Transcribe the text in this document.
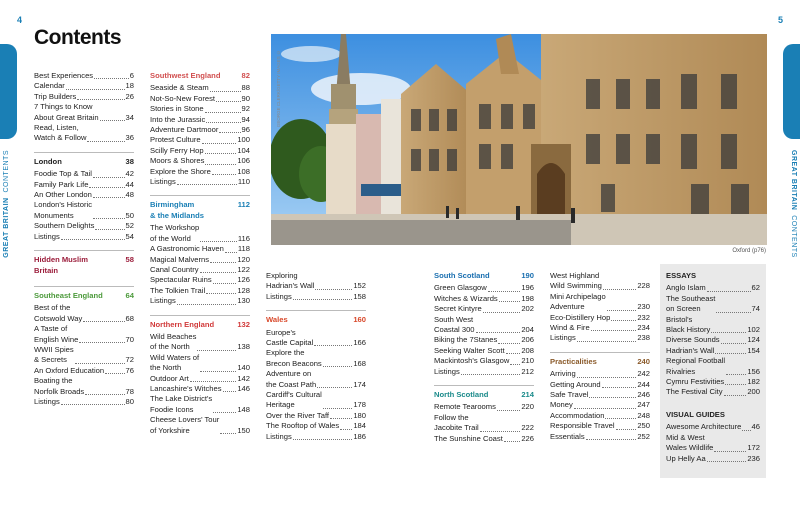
4
GREAT BRITAIN  CONTENTS
Contents
5
GREAT BRITAIN  CONTENTS
GEORGE CLERK/GETTY IMAGES ©
Oxford (p76)
Best Experiences	6
Calendar	18
Trip Builders	26
7 Things to Know
About Great Britain	34
Read, Listen,
Watch & Follow	36
London	38
Foodie Top & Tail	42
Family Park Life	44
An Other London	48
London's Historic
Monuments	50
Southern Delights	52
Listings	54
Hidden Muslim
Britain
58
Southeast England	64
Best of the
Cotswold Way	68
A Taste of
English Wine	70
WWII Spies
& Secrets	72
An Oxford Education	76
Boating the
Norfolk Broads	78
Listings	80
Southwest England	82
Seaside & Steam	88
Not-So-New Forest	90
Stories in Stone	92
Into the Jurassic	94
Adventure Dartmoor	96
Protest Culture	100
Scilly Ferry Hop	104
Moors & Shores	106
Explore the Shore	108
Listings	110
Birmingham
& the Midlands
112
The Workshop
of the World	116
A Gastronomic Haven 118
Magical Malverns	120
Canal Country	122
Spectacular Ruins	126
The Tolkien Trail	128
Listings	130
Northern England	132
Wild Beaches
of the North	138
Wild Waters of
the North	140
Outdoor Art	142
Lancashire's Witches 146
The Lake District's
Foodie Icons	148
Cheese Lovers' Tour
of Yorkshire	150
Exploring
Hadrian's Wall	152
Listings	158
Wales	160
Europe's
Castle Capital	166
Explore the
Brecon Beacons	168
Adventure on
the Coast Path	174
Cardiff's Cultural
Heritage	178
Over the River Taff	180
The Rooftop of Wales 184
Listings	186
South Scotland	190
Green Glasgow	196
Witches & Wizards	198
Secret Kintyre	202
South West
Coastal 300	204
Biking the 7Stanes	206
Seeking Walter Scott 208
Mackintosh's Glasgow 210
Listings	212
North Scotland	214
Remote Tearooms	220
Follow the
Jacobite Trail	222
The Sunshine Coast 226
West Highland
Wild Swimming	228
Mini Archipelago
Adventure	230
Eco-Distillery Hop	232
Wind & Fire	234
Listings	238
Practicalities	240
Arriving	242
Getting Around	244
Safe Travel	246
Money	247
Accommodation	248
Responsible Travel	250
Essentials	252
ESSAYS
Anglo Islam	62
The Southeast
on Screen	74
Bristol's
Black History	102
Diverse Sounds	124
Hadrian's Wall	154
Regional Football
Rivalries	156
Cymru Festivities	182
The Festival City	200
VISUAL GUIDES
Awesome Architecture 46
Mid & West
Wales Wildlife	172
Up Helly Aa	236
